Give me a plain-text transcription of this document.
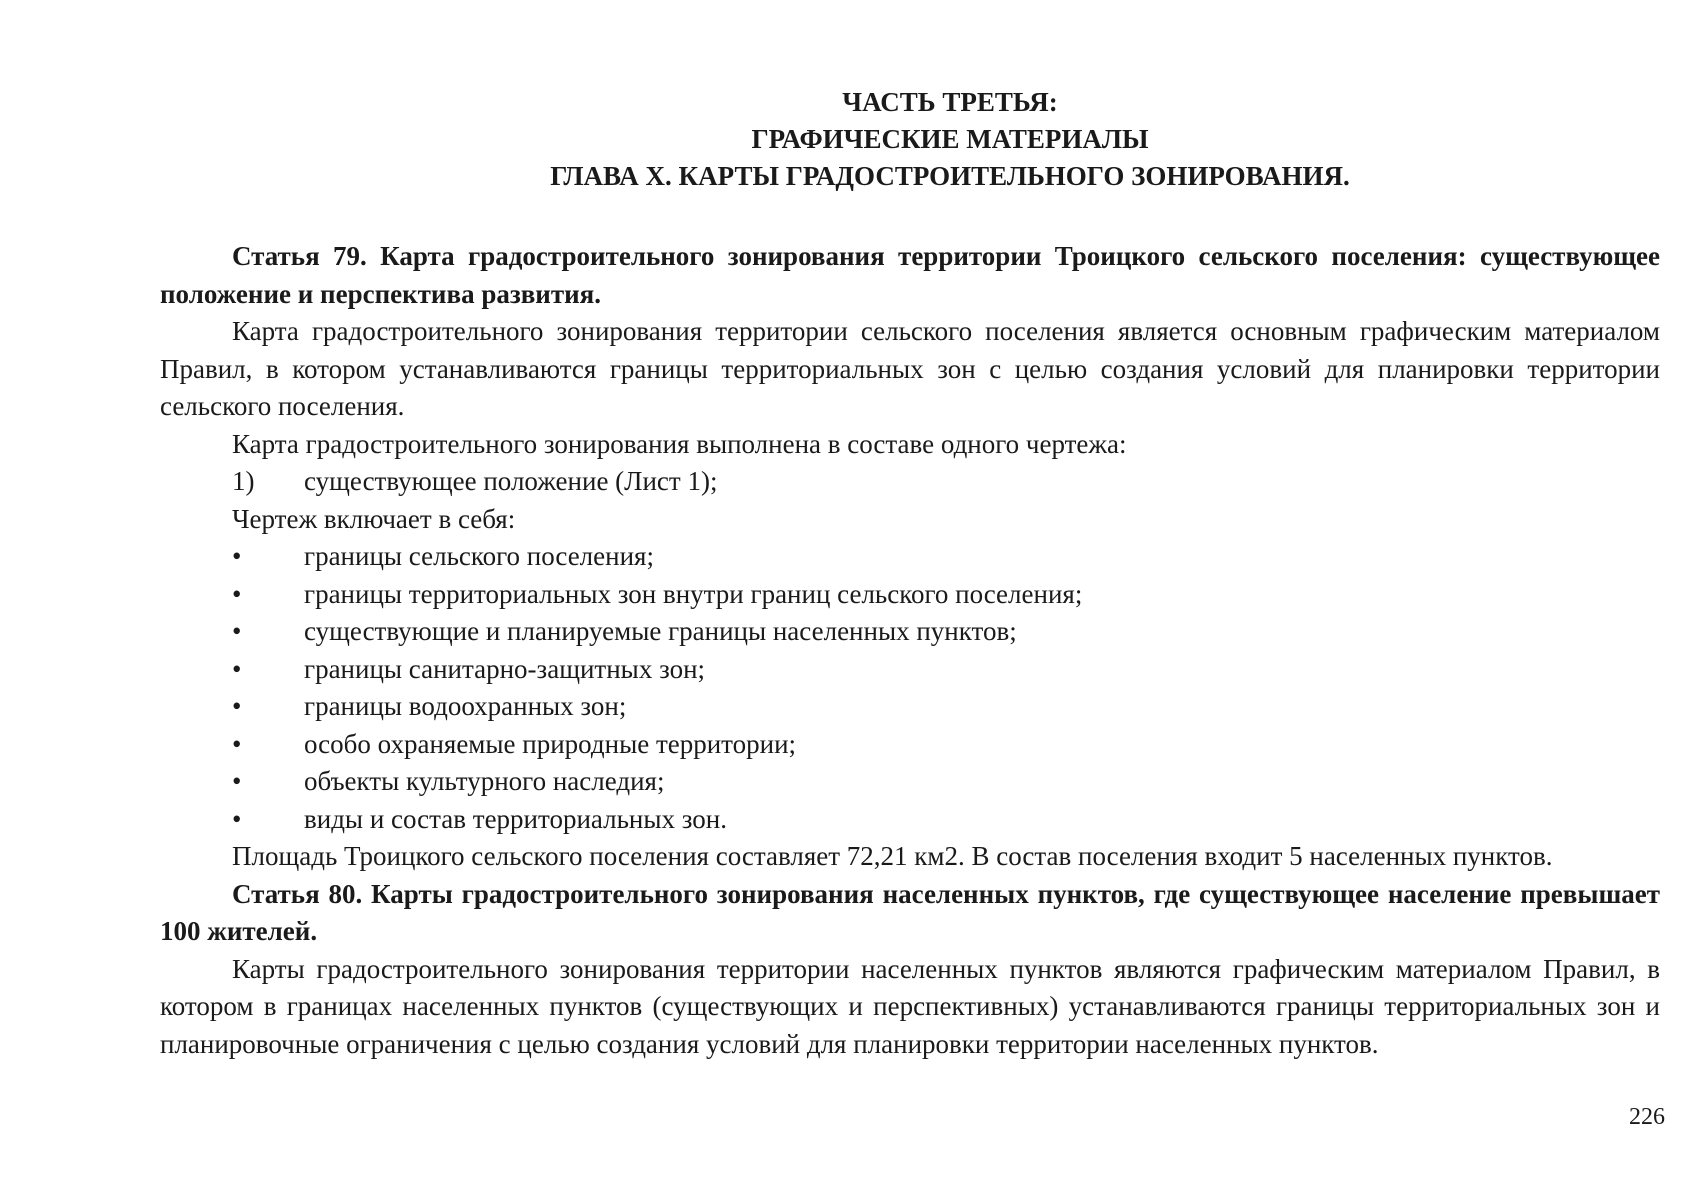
ЧАСТЬ ТРЕТЬЯ:
ГРАФИЧЕСКИЕ МАТЕРИАЛЫ
ГЛАВА X. КАРТЫ ГРАДОСТРОИТЕЛЬНОГО ЗОНИРОВАНИЯ.

Статья 79. Карта градостроительного зонирования территории Троицкого сельского поселения: существующее положение и перспектива развития.

Карта градостроительного зонирования территории сельского поселения является основным графическим материалом Правил, в котором устанавливаются границы территориальных зон с целью создания условий для планировки территории сельского поселения.

Карта градостроительного зонирования выполнена в составе одного чертежа:

1) существующее положение (Лист 1);

Чертеж включает в себя:

• границы сельского поселения;

• границы территориальных зон внутри границ сельского поселения;

• существующие и планируемые границы населенных пунктов;

• границы санитарно-защитных зон;

• границы водоохранных зон;

• особо охраняемые природные территории;

• объекты культурного наследия;

• виды и состав территориальных зон.

Площадь Троицкого сельского поселения составляет 72,21 км2. В состав поселения входит 5 населенных пунктов.

Статья 80. Карты градостроительного зонирования населенных пунктов, где существующее население превышает 100 жителей.

Карты градостроительного зонирования территории населенных пунктов являются графическим материалом Правил, в котором в границах населенных пунктов (существующих и перспективных) устанавливаются границы территориальных зон и планировочные ограничения с целью создания условий для планировки территории населенных пунктов.

226
